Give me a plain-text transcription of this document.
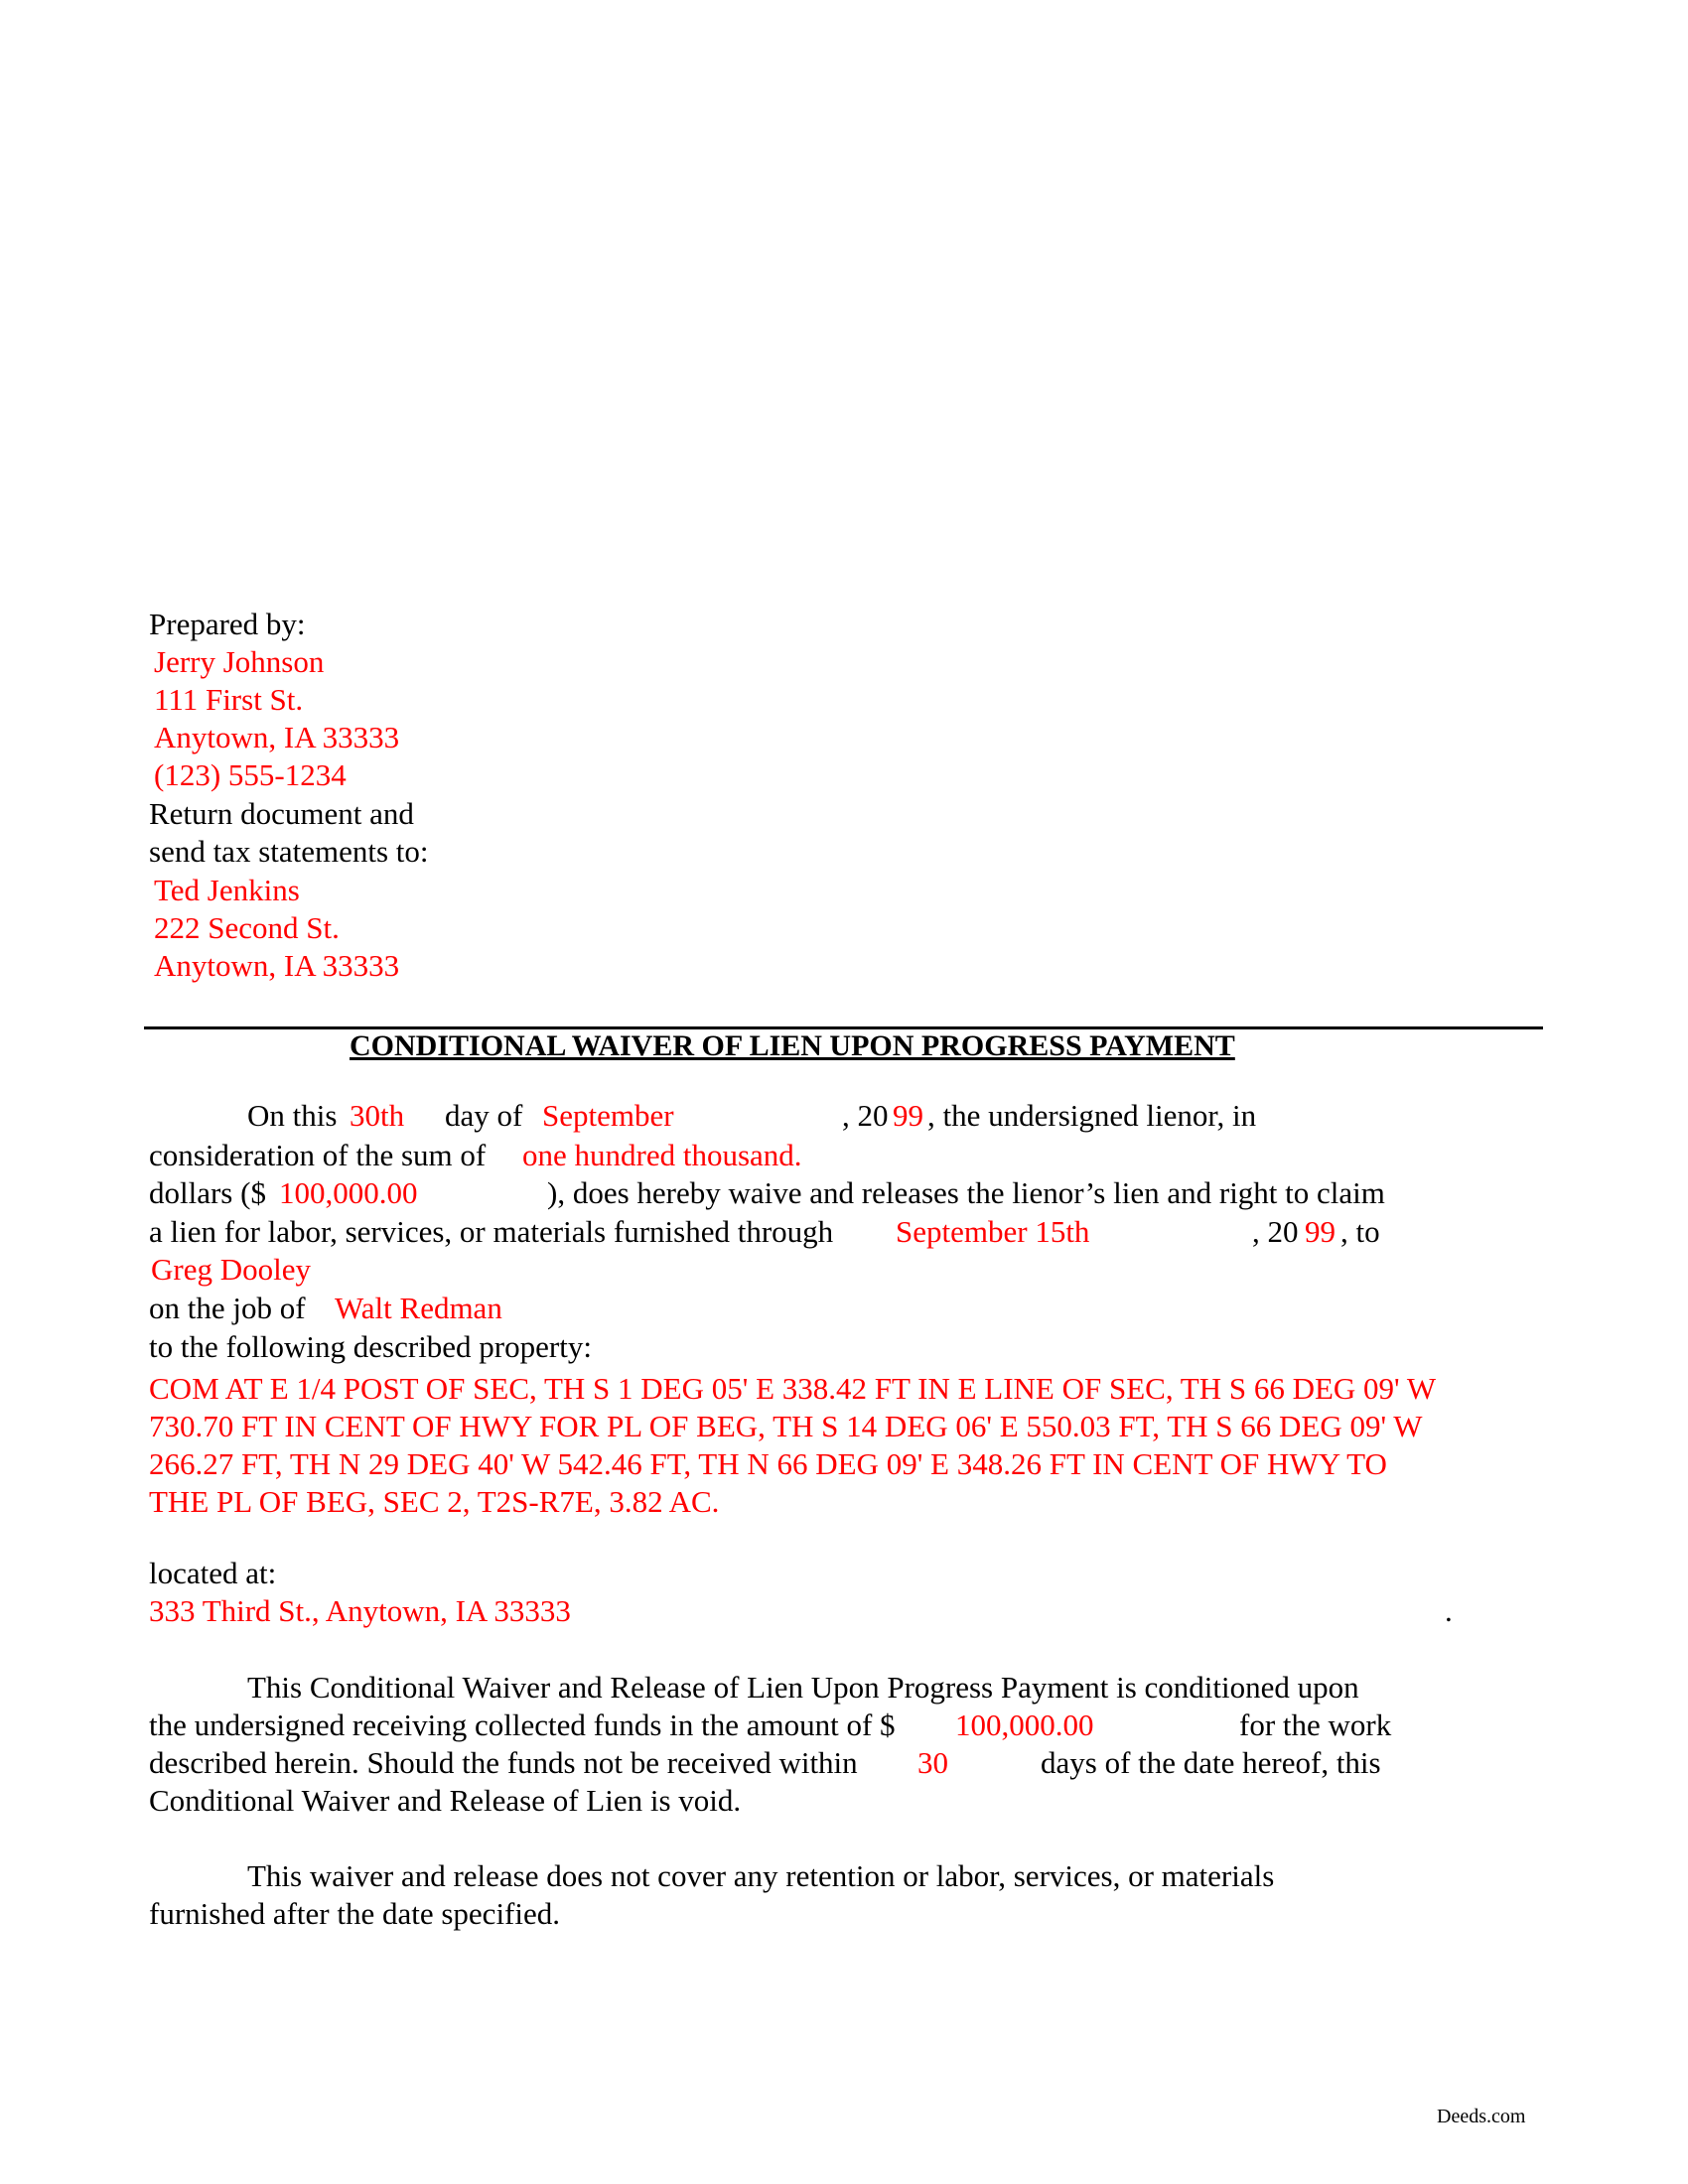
Prepared by:
Jerry Johnson
111 First St.
Anytown, IA 33333
(123) 555-1234
Return document and
send tax statements to:
Ted Jenkins
222 Second St.
Anytown, IA 33333
CONDITIONAL WAIVER OF LIEN UPON PROGRESS PAYMENT
On this 30th day of September	, 20 99 , the undersigned lienor, in
consideration of the sum of one hundred thousand.
dollars ($ 100,000.00	), does hereby waive and releases the lienor’s lien and right to claim
a lien for labor, services, or materials furnished through September 15th	, 20 99 , to
Greg Dooley
on the job of Walt Redman
to the following described property:
COM AT E 1/4 POST OF SEC, TH S 1 DEG 05' E 338.42 FT IN E LINE OF SEC, TH S 66 DEG 09' W
730.70 FT IN CENT OF HWY FOR PL OF BEG, TH S 14 DEG 06' E 550.03 FT, TH S 66 DEG 09' W
266.27 FT, TH N 29 DEG 40' W 542.46 FT, TH N 66 DEG 09' E 348.26 FT IN CENT OF HWY TO
THE PL OF BEG, SEC 2, T2S-R7E, 3.82 AC.
located at:
333 Third St., Anytown, IA 33333	.
This Conditional Waiver and Release of Lien Upon Progress Payment is conditioned upon
the undersigned receiving collected funds in the amount of $ 100,000.00	for the work
described herein. Should the funds not be received within 30	days of the date hereof, this
Conditional Waiver and Release of Lien is void.
This waiver and release does not cover any retention or labor, services, or materials
furnished after the date specified.
Deeds.com
